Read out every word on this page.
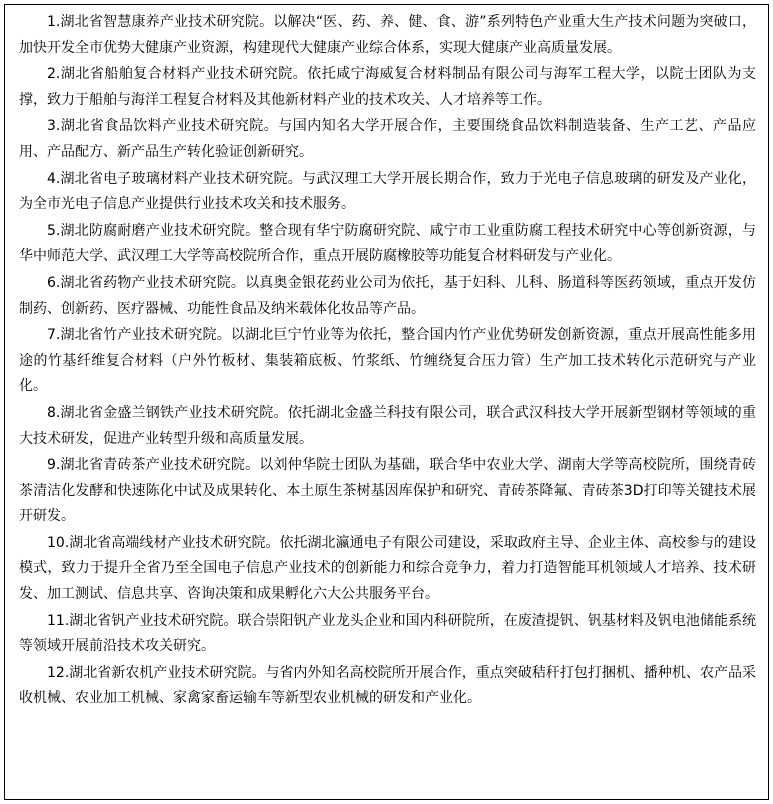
1.湖北省智慧康养产业技术研究院。以解决“医、药、养、健、食、游”系列特色产业重大生产技术问题为突破口，加快开发全市优势大健康产业资源，构建现代大健康产业综合体系，实现大健康产业高质量发展。

2.湖北省船舶复合材料产业技术研究院。依托咸宁海威复合材料制品有限公司与海军工程大学，以院士团队为支撑，致力于船舶与海洋工程复合材料及其他新材料产业的技术攻关、人才培养等工作。

3.湖北省食品饮料产业技术研究院。与国内知名大学开展合作，主要围绕食品饮料制造装备、生产工艺、产品应用、产品配方、新产品生产转化验证创新研究。

4.湖北省电子玻璃材料产业技术研究院。与武汉理工大学开展长期合作，致力于光电子信息玻璃的研发及产业化，为全市光电子信息产业提供行业技术攻关和技术服务。

5.湖北防腐耐磨产业技术研究院。整合现有华宁防腐研究院、咸宁市工业重防腐工程技术研究中心等创新资源，与华中师范大学、武汉理工大学等高校院所合作，重点开展防腐橡胶等功能复合材料研发与产业化。

6.湖北省药物产业技术研究院。以真奥金银花药业公司为依托，基于妇科、儿科、肠道科等医药领域，重点开发仿制药、创新药、医疗器械、功能性食品及纳米载体化妆品等产品。

7.湖北省竹产业技术研究院。以湖北巨宁竹业等为依托，整合国内竹产业优势研发创新资源，重点开展高性能多用途的竹基纤维复合材料（户外竹板材、集装箱底板、竹浆纸、竹缠绕复合压力管）生产加工技术转化示范研究与产业化。

8.湖北省金盛兰钢铁产业技术研究院。依托湖北金盛兰科技有限公司，联合武汉科技大学开展新型钢材等领域的重大技术研发，促进产业转型升级和高质量发展。

9.湖北省青砖茶产业技术研究院。以刘仲华院士团队为基础，联合华中农业大学、湖南大学等高校院所，围绕青砖茶清洁化发酵和快速陈化中试及成果转化、本土原生茶树基因库保护和研究、青砖茶降氟、青砖茶3D打印等关键技术展开研发。

10.湖北省高端线材产业技术研究院。依托湖北瀛通电子有限公司建设，采取政府主导、企业主体、高校参与的建设模式，致力于提升全省乃至全国电子信息产业技术的创新能力和综合竞争力，着力打造智能耳机领域人才培养、技术研发、加工测试、信息共享、咨询决策和成果孵化六大公共服务平台。

11.湖北省钒产业技术研究院。联合崇阳钒产业龙头企业和国内科研院所，在废渣提钒、钒基材料及钒电池储能系统等领域开展前沿技术攻关研究。

12.湖北省新农机产业技术研究院。与省内外知名高校院所开展合作，重点突破秸秆打包打捆机、播种机、农产品采收机械、农业加工机械、家禽家畜运输车等新型农业机械的研发和产业化。
